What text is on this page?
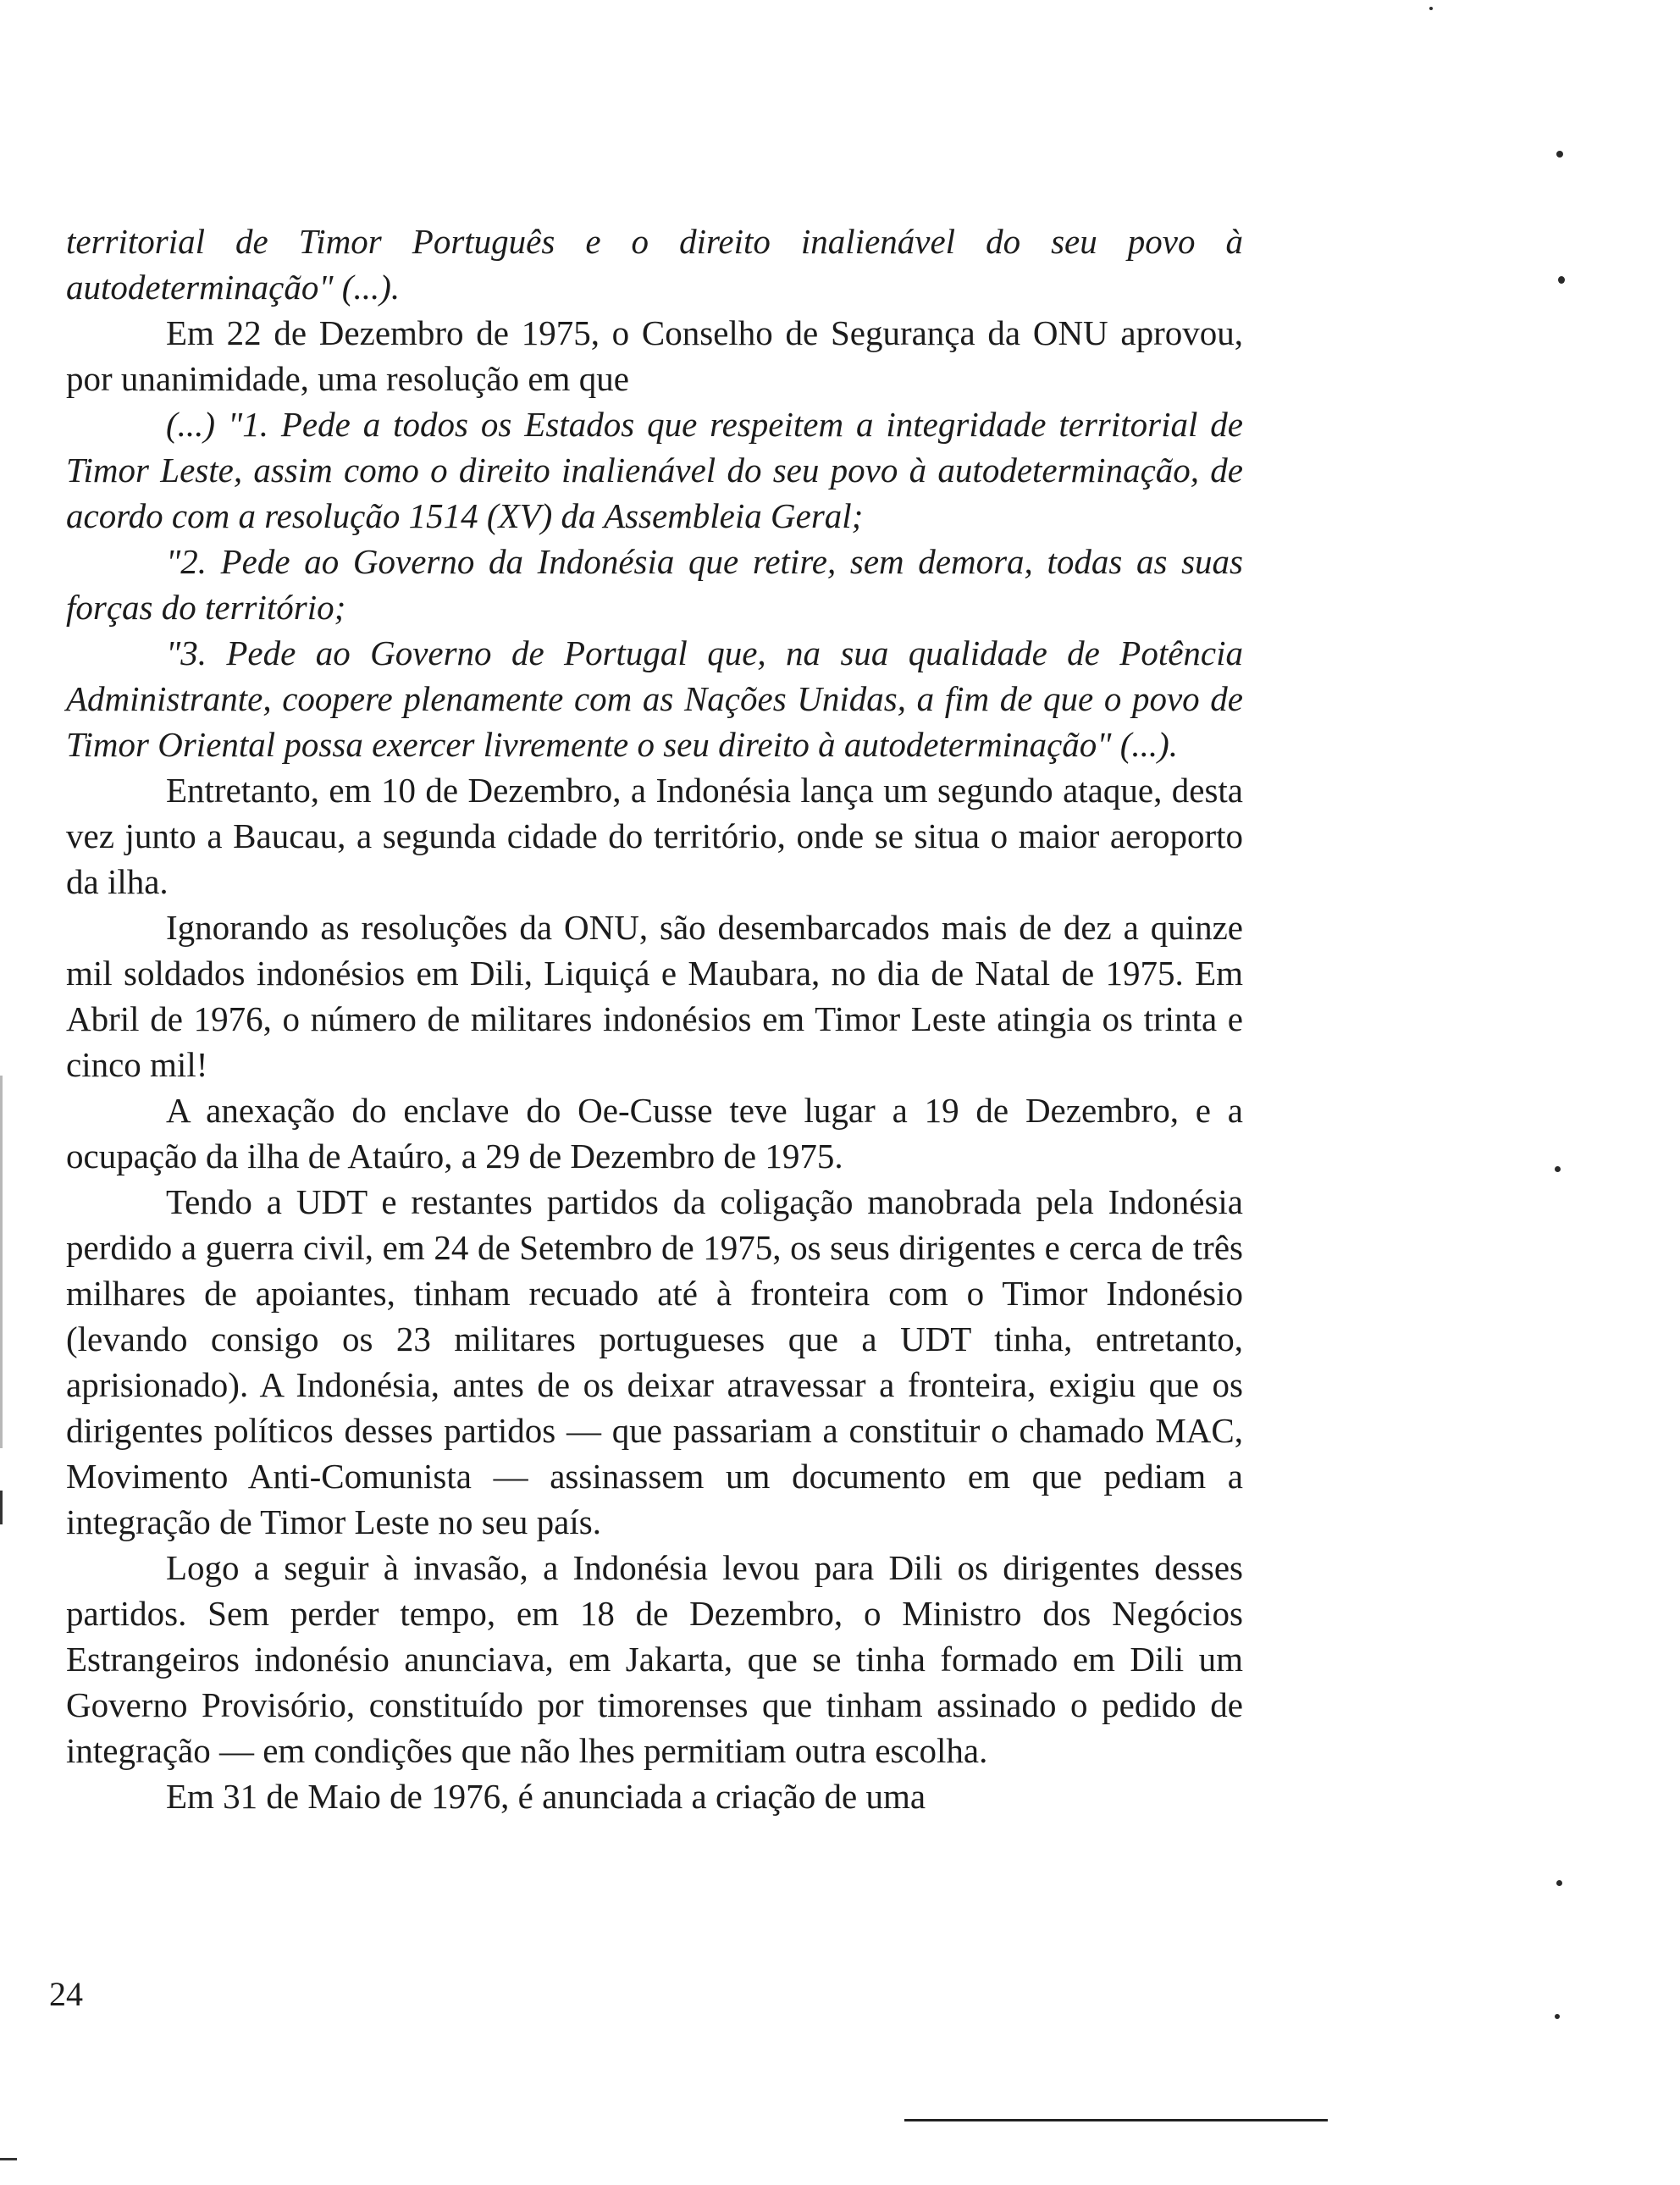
territorial de Timor Português e o direito inalienável do seu povo à autodeterminação" (...).

Em 22 de Dezembro de 1975, o Conselho de Segurança da ONU aprovou, por unanimidade, uma resolução em que

(...) "1. Pede a todos os Estados que respeitem a integridade territorial de Timor Leste, assim como o direito inalienável do seu povo à autodeterminação, de acordo com a resolução 1514 (XV) da Assembleia Geral;

"2. Pede ao Governo da Indonésia que retire, sem demora, todas as suas forças do território;

"3. Pede ao Governo de Portugal que, na sua qualidade de Potência Administrante, coopere plenamente com as Nações Unidas, a fim de que o povo de Timor Oriental possa exercer livremente o seu direito à autodeterminação" (...).

Entretanto, em 10 de Dezembro, a Indonésia lança um segundo ataque, desta vez junto a Baucau, a segunda cidade do território, onde se situa o maior aeroporto da ilha.

Ignorando as resoluções da ONU, são desembarcados mais de dez a quinze mil soldados indonésios em Dili, Liquiçá e Maubara, no dia de Natal de 1975. Em Abril de 1976, o número de militares indonésios em Timor Leste atingia os trinta e cinco mil!

A anexação do enclave do Oe-Cusse teve lugar a 19 de Dezembro, e a ocupação da ilha de Ataúro, a 29 de Dezembro de 1975.

Tendo a UDT e restantes partidos da coligação manobrada pela Indonésia perdido a guerra civil, em 24 de Setembro de 1975, os seus dirigentes e cerca de três milhares de apoiantes, tinham recuado até à fronteira com o Timor Indonésio (levando consigo os 23 militares portugueses que a UDT tinha, entretanto, aprisionado). A Indonésia, antes de os deixar atravessar a fronteira, exigiu que os dirigentes políticos desses partidos — que passariam a constituir o chamado MAC, Movimento Anti-Comunista — assinassem um documento em que pediam a integração de Timor Leste no seu país.

Logo a seguir à invasão, a Indonésia levou para Dili os dirigentes desses partidos. Sem perder tempo, em 18 de Dezembro, o Ministro dos Negócios Estrangeiros indonésio anunciava, em Jakarta, que se tinha formado em Dili um Governo Provisório, constituído por timorenses que tinham assinado o pedido de integração — em condições que não lhes permitiam outra escolha.

Em 31 de Maio de 1976, é anunciada a criação de uma

24
